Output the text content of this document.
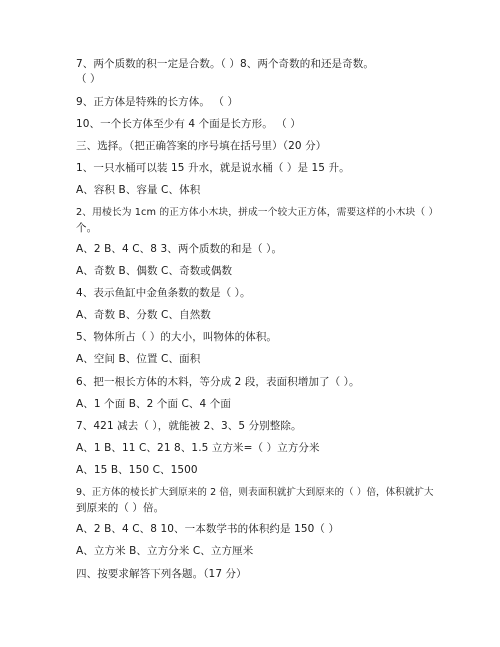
7、两个质数的积一定是合数。（ ）8、两个奇数的和还是奇数。
（ ）
9、正方体是特殊的长方体。 （ ）
10、一个长方体至少有 4 个面是长方形。 （ ）
三、选择。（把正确答案的序号填在括号里）（20 分）
1、一只水桶可以装 15 升水，就是说水桶（ ）是 15 升。
A、容积 B、容量 C、体积
2、用棱长为 1cm 的正方体小木块，拼成一个较大正方体，需要这样的小木块（ ）
个。
A、2 B、4 C、8 3、两个质数的和是（ ）。
A、奇数 B、偶数 C、奇数或偶数
4、表示鱼缸中金鱼条数的数是（ ）。
A、奇数 B、分数 C、自然数
5、物体所占（ ）的大小，叫物体的体积。
A、空间 B、位置 C、面积
6、把一根长方体的木料，等分成 2 段，表面积增加了（ ）。
A、1 个面 B、2 个面 C、4 个面
7、421 减去（ ），就能被 2、3、5 分别整除。
A、1 B、11 C、21 8、1.5 立方米=（ ）立方分米
A、15 B、150 C、1500
9、正方体的棱长扩大到原来的 2 倍，则表面积就扩大到原来的（ ）倍，体积就扩大
到原来的（ ）倍。
A、2 B、4 C、8 10、一本数学书的体积约是 150（ ）
A、立方米 B、立方分米 C、立方厘米
四、按要求解答下列各题。（17 分）
